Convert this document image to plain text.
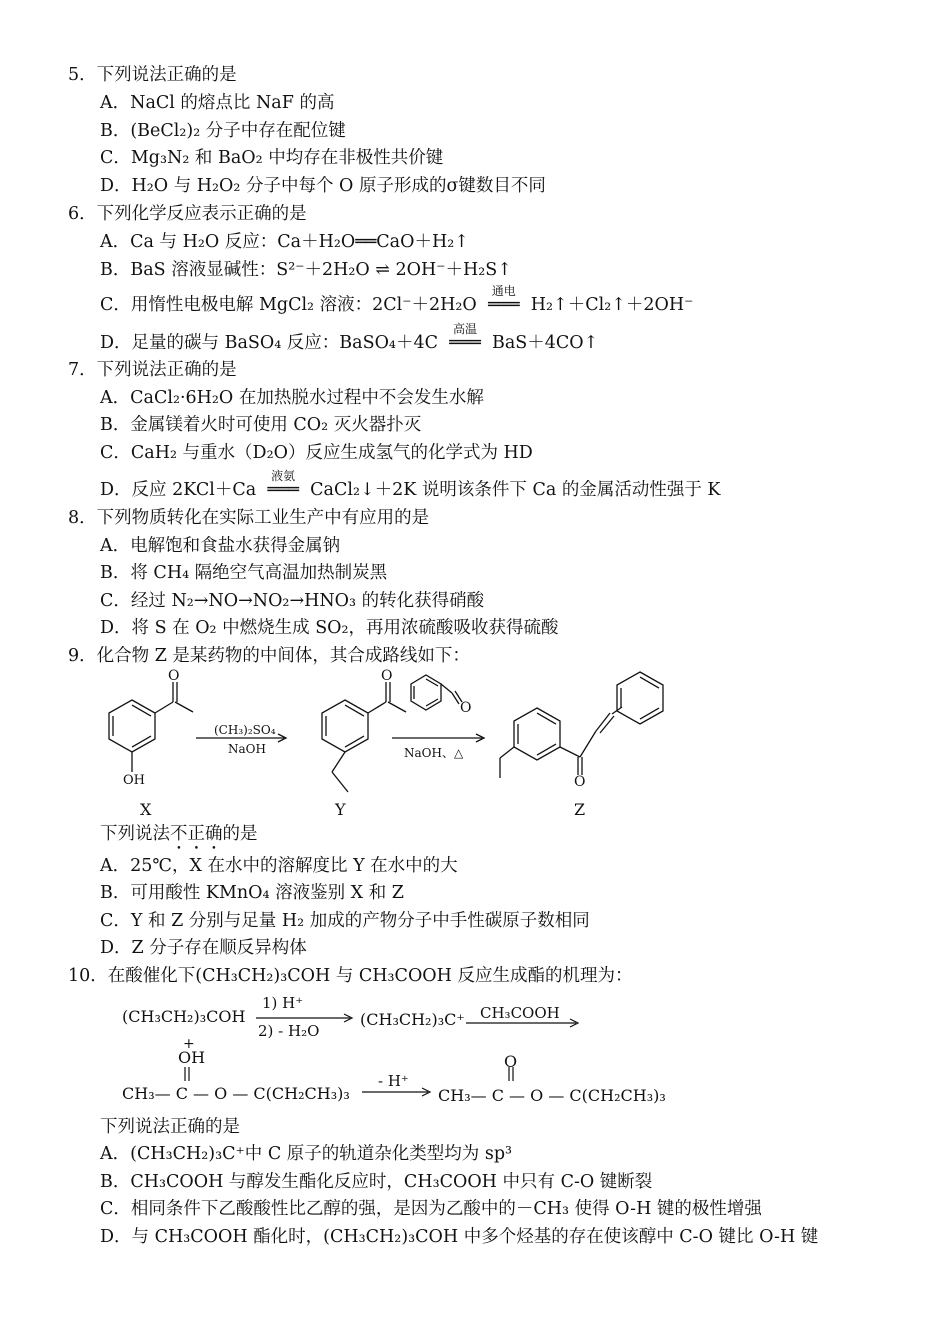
5．下列说法正确的是
A．NaCl 的熔点比 NaF 的高
B．(BeCl₂)₂ 分子中存在配位键
C．Mg₃N₂ 和 BaO₂ 中均存在非极性共价键
D．H₂O 与 H₂O₂ 分子中每个 O 原子形成的σ键数目不同
6．下列化学反应表示正确的是
A．Ca 与 H₂O 反应：Ca＋H₂O══CaO＋H₂↑
B．BaS 溶液显碱性：S²⁻＋2H₂O ⇌ 2OH⁻＋H₂S↑
C．用惰性电极电解 MgCl₂ 溶液：2Cl⁻＋2H₂O
通电
═══ H₂↑＋Cl₂↑＋2OH⁻
D．足量的碳与 BaSO₄ 反应：BaSO₄＋4C
高温
═══ BaS＋4CO↑
7．下列说法正确的是
A．CaCl₂·6H₂O 在加热脱水过程中不会发生水解
B．金属镁着火时可使用 CO₂ 灭火器扑灭
C．CaH₂ 与重水（D₂O）反应生成氢气的化学式为 HD
D．反应 2KCl＋Ca
液氨
═══ CaCl₂↓＋2K 说明该条件下 Ca 的金属活动性强于 K
8．下列物质转化在实际工业生产中有应用的是
A．电解饱和食盐水获得金属钠
B．将 CH₄ 隔绝空气高温加热制炭黑
C．经过 N₂→NO→NO₂→HNO₃ 的转化获得硝酸
D．将 S 在 O₂ 中燃烧生成 SO₂，再用浓硫酸吸收获得硫酸
9．化合物 Z 是某药物的中间体，其合成路线如下：
O
OH
O
O
O
(CH₃)₂SO₄
NaOH	NaOH、△
X	Y	Z
下列说法不正确的是
A．25℃，X 在水中的溶解度比 Y 在水中的大
B．可用酸性 KMnO₄ 溶液鉴别 X 和 Z
C．Y 和 Z 分别与足量 H₂ 加成的产物分子中手性碳原子数相同
D．Z 分子存在顺反异构体
10．在酸催化下(CH₃CH₂)₃COH 与 CH₃COOH 反应生成酯的机理为：
(CH₃CH₂)₃COH
1) H⁺
2) - H₂O
(CH₃CH₂)₃C⁺ CH₃COOH
+
OH
CH₃— C — O — C(CH₂CH₃)₃
- H⁺
O
CH₃— C — O — C(CH₂CH₃)₃
下列说法正确的是
A．(CH₃CH₂)₃C⁺中 C 原子的轨道杂化类型均为 sp³
B．CH₃COOH 与醇发生酯化反应时，CH₃COOH 中只有 C-O 键断裂
C．相同条件下乙酸酸性比乙醇的强，是因为乙酸中的－CH₃ 使得 O-H 键的极性增强
D．与 CH₃COOH 酯化时，(CH₃CH₂)₃COH 中多个烃基的存在使该醇中 C-O 键比 O-H 键
